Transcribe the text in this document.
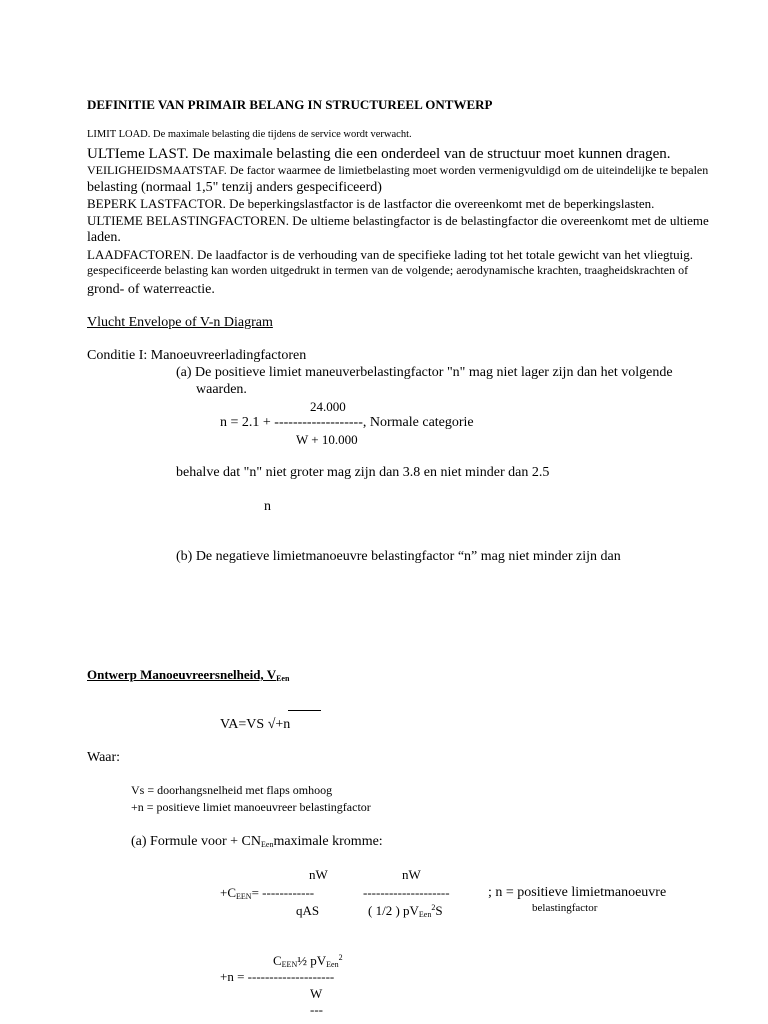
DEFINITIE VAN PRIMAIR BELANG IN STRUCTUREEL ONTWERP
LIMIT LOAD. De maximale belasting die tijdens de service wordt verwacht.
ULTIeme LAST. De maximale belasting die een onderdeel van de structuur moet kunnen dragen.
VEILIGHEIDSMAATSTAF. De factor waarmee de limietbelasting moet worden vermenigvuldigd om de uiteindelijke te bepalen
belasting (normaal 1,5" tenzij anders gespecificeerd)
BEPERK LASTFACTOR. De beperkingslastfactor is de lastfactor die overeenkomt met de beperkingslasten.
ULTIEME BELASTINGFACTOREN. De ultieme belastingfactor is de belastingfactor die overeenkomt met de ultieme
laden.
LAADFACTOREN. De laadfactor is de verhouding van de specifieke lading tot het totale gewicht van het vliegtuig.
gespecificeerde belasting kan worden uitgedrukt in termen van de volgende; aerodynamische krachten, traagheidskrachten of
grond- of waterreactie.
Vlucht Envelope of V-n Diagram
Conditie I: Manoeuvreerladingfactoren
(a) De positieve limiet maneuverbelastingfactor "n" mag niet lager zijn dan het volgende
waarden.
24.000
n = 2.1 + -------------------, Normale categorie
W + 10.000
behalve dat "n" niet groter mag zijn dan 3.8 en niet minder dan 2.5
n
(b) De negatieve limietmanoeuvre belastingfactor “n” mag niet minder zijn dan
Ontwerp Manoeuvreersnelheid, $V_{Een}$
VA=VS √+n
Waar:
Vs = doorhangsnelheid met flaps omhoog
+n = positieve limiet manoeuvreer belastingfactor
(a) Formule voor + $CN_{Een}maximale$ kromme:
nW	nW
$+C_{EEN}=$ ------------	--------------------	; n = positieve limietmanoeuvre
qAS	( 1/2 ) $pV_{Een}^2S$	belastingfactor
$C_{EEN}\frac{1}{2}$ $pV_{Een}^2$
+n = --------------------
W
---
